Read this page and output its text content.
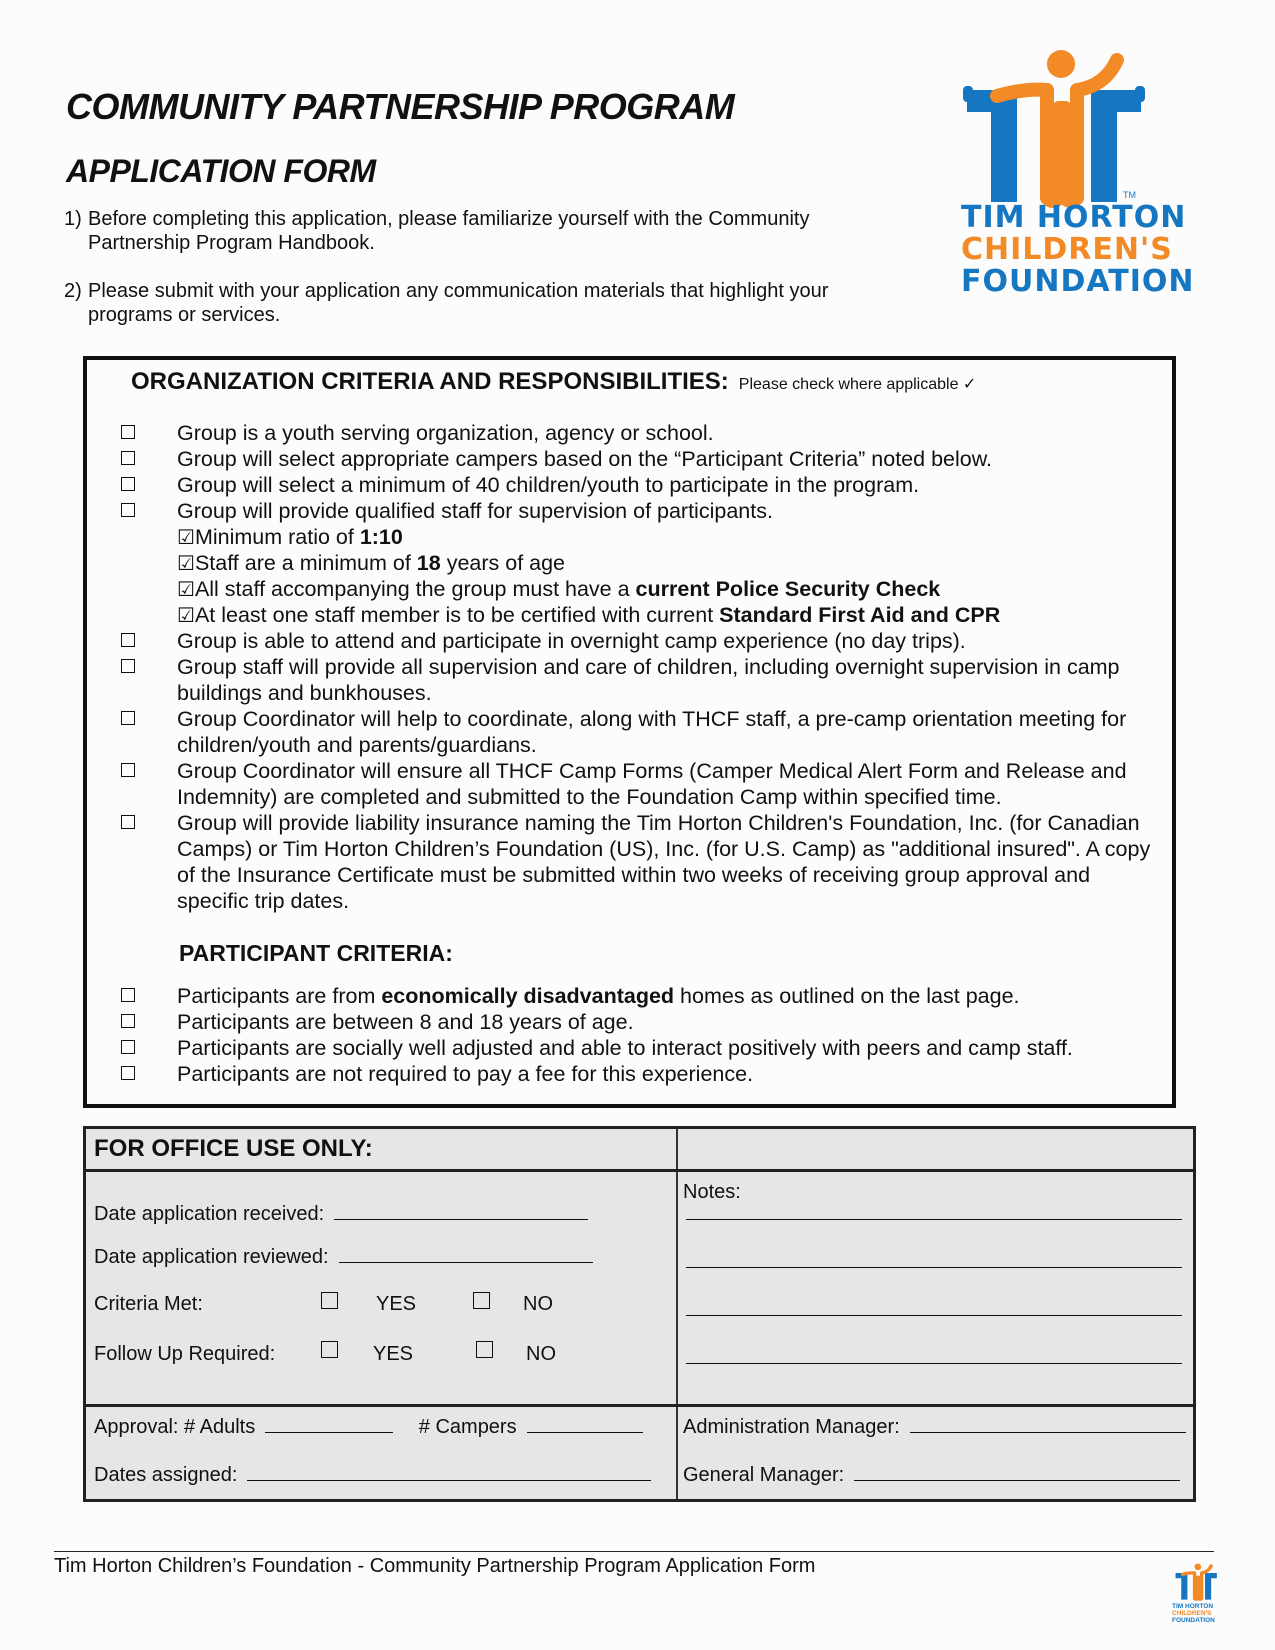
COMMUNITY PARTNERSHIP PROGRAM
APPLICATION FORM
1) Before completing this application, please familiarize yourself with the Community
Partnership Program Handbook.
2) Please submit with your application any communication materials that highlight your
programs or services.
TM
TIM HORTON
CHILDREN'S
FOUNDATION
ORGANIZATION CRITERIA AND RESPONSIBILITIES: Please check where applicable ✓
Group is a youth serving organization, agency or school.
Group will select appropriate campers based on the “Participant Criteria” noted below.
Group will select a minimum of 40 children/youth to participate in the program.
Group will provide qualified staff for supervision of participants.
☑Minimum ratio of 1:10
☑Staff are a minimum of 18 years of age
☑All staff accompanying the group must have a current Police Security Check
☑At least one staff member is to be certified with current Standard First Aid and CPR
Group is able to attend and participate in overnight camp experience (no day trips).
Group staff will provide all supervision and care of children, including overnight supervision in camp buildings and bunkhouses.
Group Coordinator will help to coordinate, along with THCF staff, a pre-camp orientation meeting for children/youth and parents/guardians.
Group Coordinator will ensure all THCF Camp Forms (Camper Medical Alert Form and Release and Indemnity) are completed and submitted to the Foundation Camp within specified time.
Group will provide liability insurance naming the Tim Horton Children's Foundation, Inc. (for Canadian Camps) or Tim Horton Children’s Foundation (US), Inc. (for U.S. Camp) as "additional insured". A copy of the Insurance Certificate must be submitted within two weeks of receiving group approval and specific trip dates.
PARTICIPANT CRITERIA:
Participants are from economically disadvantaged homes as outlined on the last page.
Participants are between 8 and 18 years of age.
Participants are socially well adjusted and able to interact positively with peers and camp staff.
Participants are not required to pay a fee for this experience.
FOR OFFICE USE ONLY:
Date application received:
Date application reviewed:
Criteria Met:	YES	NO
Follow Up Required:	YES	NO
Notes:
Approval: # Adults	# Campers
Dates assigned:
Administration Manager:
General Manager:
Tim Horton Children’s Foundation - Community Partnership Program Application Form
TIM HORTON
CHILDREN'S
FOUNDATION
